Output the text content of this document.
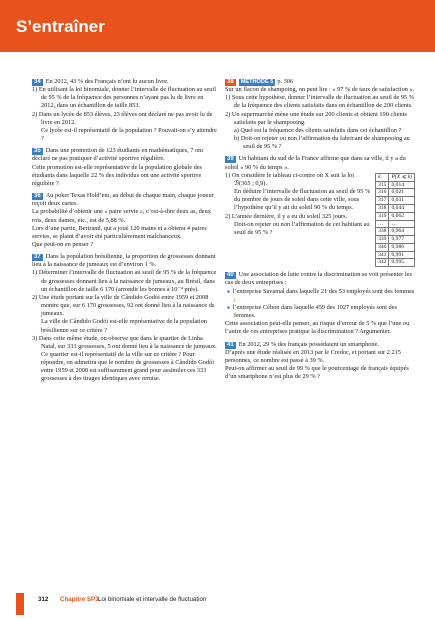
S’entraîner
34 En 2012, 43 % des Français n’ont lu aucun livre.
1) En utilisant la loi binomiale, donner l’intervalle de fluctuation au seuil de 95 % de la fréquence des personnes n’ayant pas lu de livre en 2012, dans un échantillon de taille 853.
2) Dans un lycée de 853 élèves, 23 élèves ont déclaré ne pas avoir lu de livre en 2012.
Ce lycée est-il représentatif de la population ? Pouvait-on s’y attendre ?
35 Dans une promotion de 123 étudiants en mathématiques, 7 ont déclaré ne pas pratiquer d’activité sportive régulière.
Cette promotion est-elle représentative de la population globale des étudiants dans laquelle 22 % des individus ont une activité sportive régulière ?
36 Au poker Texas Hold’em, au début de chaque main, chaque joueur reçoit deux cartes.
La probabilité d’obtenir une « paire servie », c’est-à-dire deux as, deux rois, deux dames, etc., est de 5,88 %.
Lors d’une partie, Bertrand, qui a joué 120 mains et a obtenu 4 paires servies, se plaint d’avoir été particulièrement malchanceux.
Que peut-on en penser ?
37 Dans la population brésilienne, la proportion de grossesses donnant lieu à la naissance de jumeaux est d’environ 1 %.
1) Déterminer l’intervalle de fluctuation au seuil de 95 % de la fréquence de grossesses donnant lieu à la naissance de jumeaux, au Brésil, dans un échantillon de taille 6 170 (arrondir les bornes à 10⁻⁴ près).
2) Une étude portant sur la ville de Cândido Godói entre 1959 et 2008 montre que, sur 6 170 grossesses, 92 ont donné lieu à la naissance de jumeaux.
La ville de Cândido Godói est-elle représentative de la population brésilienne sur ce critère ?
3) Dans cette même étude, on observe que dans le quartier de Linha Natal, sur 333 grossesses, 5 ont donné lieu à la naissance de jumeaux.
Ce quartier est-il représentatif de la ville sur ce critère ? Pour répondre, on admettra que le nombre de grossesses à Cândido Godói entre 1959 et 2008 est suffisamment grand pour assimiler ces 333 grossesses à des tirages identiques avec remise.
38 MÉTHODE 5 p. 306
Sur un flacon de shampoing, on peut lire : « 97 % de taux de satisfaction ».
1) Sous cette hypothèse, donner l’intervalle de fluctuation au seuil de 95 % de la fréquence des clients satisfaits dans un échantillon de 200 clients.
2) Un supermarché mène une étude sur 200 clients et obtient 190 clients satisfaits par le shampooing.
a) Quel est la fréquence des clients satisfaits dans cet échantillon ?
b) Doit-on rejeter ou non l’affirmation du fabricant de shampooing au seuil de 95 % ?
39 Un habitant du sud de la France affirme que dans sa ville, il y a du soleil « 90 % du temps ».
1) On considère le tableau ci-contre où X suit la loi ℬ(365 ; 0,9).
En déduire l’intervalle de fluctuation au seuil de 95 % du nombre de jours de soleil dans cette ville, sous l’hypothèse qu’il y ait du soleil 90 % du temps.
2) L’année dernière, il y a eu du soleil 325 jours.
Doit-on rejeter ou non l’affirmation de cet habitant au seuil de 95 % ?
k	P(X ⩽ k)
315	0,014
316	0,021
317	0,031
318	0,044
319	0,062
…	…
338	0,964
339	0,977
340	0,986
341	0,991
342	0,995
40 Une association de lutte contre la discrimination se voit présenter les cas de deux entreprises :
■ l’entreprise Savamal dans laquelle 21 des 53 employés sont des femmes ;
■ l’entreprise Cébon dans laquelle 459 des 1027 employés sont des femmes.
Cette association peut-elle penser, au risque d’erreur de 5 % que l’une ou l’autre de ces entreprises pratique la discrimination ? Argumenter.
41 En 2012, 29 % des français possédaient un smartphone.
D’après une étude réalisée en 2013 par le Credoc, et portant sur 2 215 personnes, ce nombre est passé à 39 %.
Peut-on affirmer au seuil de 99 % que le pourcentage de français équipés d’un smartphone n’est plus de 29 % ?
312 Chapitre SP3.
Loi binomiale et intervalle de fluctuation
